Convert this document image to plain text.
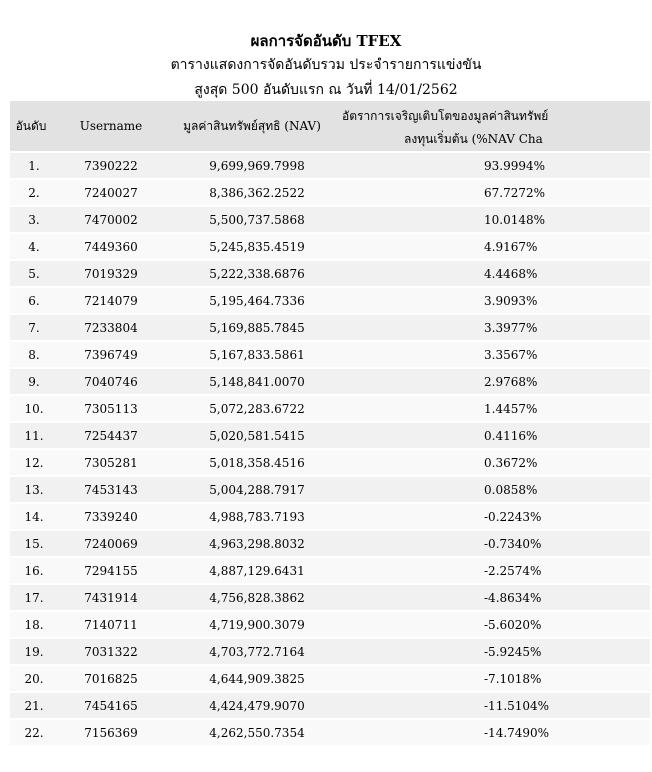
ผลการจัดอันดับ TFEX
ตารางแสดงการจัดอันดับรวม ประจำรายการแข่งขัน
สูงสุด 500 อันดับแรก ณ วันที่ 14/01/2562
อันดับ	Username	มูลค่าสินทรัพย์สุทธิ (NAV)	อัตราการเจริญเติบโตของมูลค่าสินทรัพย์
ลงทุนเริ่มต้น (%NAV Cha

1.	7390222	9,699,969.7998	93.9994%
2.	7240027	8,386,362.2522	67.7272%
3.	7470002	5,500,737.5868	10.0148%
4.	7449360	5,245,835.4519	4.9167%
5.	7019329	5,222,338.6876	4.4468%
6.	7214079	5,195,464.7336	3.9093%
7.	7233804	5,169,885.7845	3.3977%
8.	7396749	5,167,833.5861	3.3567%
9.	7040746	5,148,841.0070	2.9768%
10.	7305113	5,072,283.6722	1.4457%
11.	7254437	5,020,581.5415	0.4116%
12.	7305281	5,018,358.4516	0.3672%
13.	7453143	5,004,288.7917	0.0858%
14.	7339240	4,988,783.7193	-0.2243%
15.	7240069	4,963,298.8032	-0.7340%
16.	7294155	4,887,129.6431	-2.2574%
17.	7431914	4,756,828.3862	-4.8634%
18.	7140711	4,719,900.3079	-5.6020%
19.	7031322	4,703,772.7164	-5.9245%
20.	7016825	4,644,909.3825	-7.1018%
21.	7454165	4,424,479.9070	-11.5104%
22.	7156369	4,262,550.7354	-14.7490%
